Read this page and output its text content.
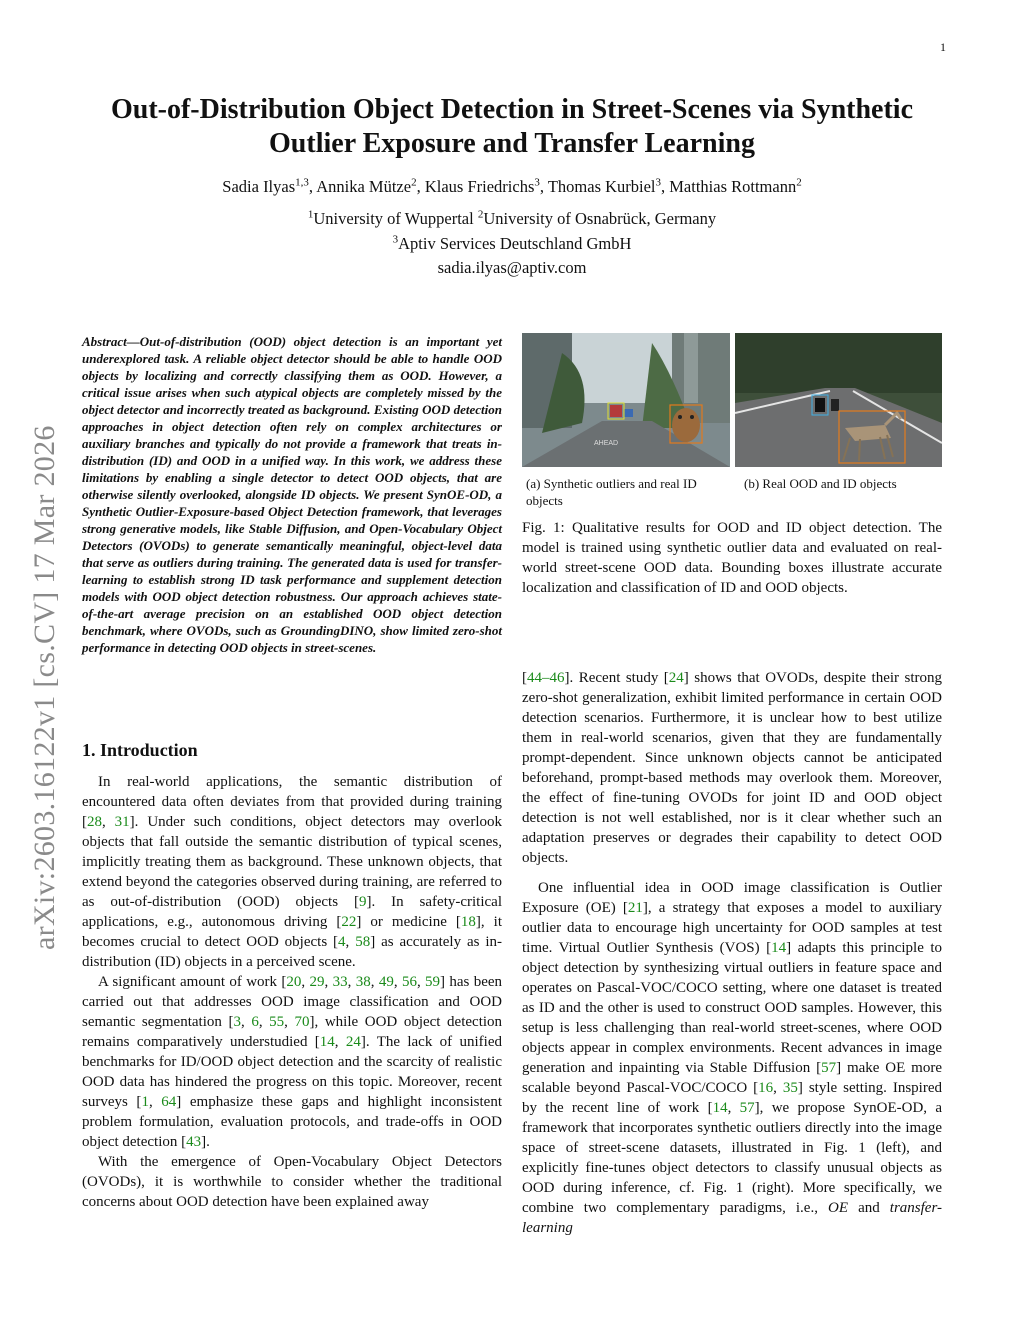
1
arXiv:2603.16122v1 [cs.CV] 17 Mar 2026
Out-of-Distribution Object Detection in Street-Scenes via Synthetic
Outlier Exposure and Transfer Learning
Sadia Ilyas$^{1,3}$, Annika Mütze$^2$, Klaus Friedrichs$^3$, Thomas Kurbiel$^3$, Matthias Rottmann$^2$
$^1$University of Wuppertal $^2$University of Osnabrück, Germany
$^3$Aptiv Services Deutschland GmbH
sadia.ilyas@aptiv.com
Abstract—Out-of-distribution (OOD) object detection is an important yet underexplored task. A reliable object detector should be able to handle OOD objects by localizing and correctly classifying them as OOD. However, a critical issue arises when such atypical objects are completely missed by the object detector and incorrectly treated as background. Existing OOD detection approaches in object detection often rely on complex architectures or auxiliary branches and typically do not provide a framework that treats in-distribution (ID) and OOD in a unified way. In this work, we address these limitations by enabling a single detector to detect OOD objects, that are otherwise silently overlooked, alongside ID objects. We present SynOE-OD, a Synthetic Outlier-Exposure-based Object Detection framework, that leverages strong generative models, like Stable Diffusion, and Open-Vocabulary Object Detectors (OVODs) to generate semantically meaningful, object-level data that serve as outliers during training. The generated data is used for transfer-learning to establish strong ID task performance and supplement detection models with OOD object detection robustness. Our approach achieves state-of-the-art average precision on an established OOD object detection benchmark, where OVODs, such as GroundingDINO, show limited zero-shot performance in detecting OOD objects in street-scenes.
1. Introduction

In real-world applications, the semantic distribution of encountered data often deviates from that provided during training [28, 31]. Under such conditions, object detectors may overlook objects that fall outside the semantic distribution of typical scenes, implicitly treating them as background. These unknown objects, that extend beyond the categories observed during training, are referred to as out-of-distribution (OOD) objects [9]. In safety-critical applications, e.g., autonomous driving [22] or medicine [18], it becomes crucial to detect OOD objects [4, 58] as accurately as in-distribution (ID) objects in a perceived scene.

A significant amount of work [20, 29, 33, 38, 49, 56, 59] has been carried out that addresses OOD image classification and OOD semantic segmentation [3, 6, 55, 70], while OOD object detection remains comparatively understudied [14, 24]. The lack of unified benchmarks for ID/OOD object detection and the scarcity of realistic OOD data has hindered the progress on this topic. Moreover, recent surveys [1, 64] emphasize these gaps and highlight inconsistent problem formulation, evaluation protocols, and trade-offs in OOD object detection [43].

With the emergence of Open-Vocabulary Object Detectors (OVODs), it is worthwhile to consider whether the traditional concerns about OOD detection have been explained away

AHEAD
(a) Synthetic outliers and real ID objects
(b) Real OOD and ID objects
Fig. 1: Qualitative results for OOD and ID object detection. The model is trained using synthetic outlier data and evaluated on real-world street-scene OOD data. Bounding boxes illustrate accurate localization and classification of ID and OOD objects.

[44–46]. Recent study [24] shows that OVODs, despite their strong zero-shot generalization, exhibit limited performance in certain OOD detection scenarios. Furthermore, it is unclear how to best utilize them in real-world scenarios, given that they are fundamentally prompt-dependent. Since unknown objects cannot be anticipated beforehand, prompt-based methods may overlook them. Moreover, the effect of fine-tuning OVODs for joint ID and OOD object detection is not well established, nor is it clear whether such an adaptation preserves or degrades their capability to detect OOD objects.

One influential idea in OOD image classification is Outlier Exposure (OE) [21], a strategy that exposes a model to auxiliary outlier data to encourage high uncertainty for OOD samples at test time. Virtual Outlier Synthesis (VOS) [14] adapts this principle to object detection by synthesizing virtual outliers in feature space and operates on Pascal-VOC/COCO setting, where one dataset is treated as ID and the other is used to construct OOD samples. However, this setup is less challenging than real-world street-scenes, where OOD objects appear in complex environments. Recent advances in image generation and inpainting via Stable Diffusion [57] make OE more scalable beyond Pascal-VOC/COCO [16, 35] style setting. Inspired by the recent line of work [14, 57], we propose SynOE-OD, a framework that incorporates synthetic outliers directly into the image space of street-scene datasets, illustrated in Fig. 1 (left), and explicitly fine-tunes object detectors to classify unusual objects as OOD during inference, cf. Fig. 1 (right). More specifically, we combine two complementary paradigms, i.e., OE and transfer-learning
